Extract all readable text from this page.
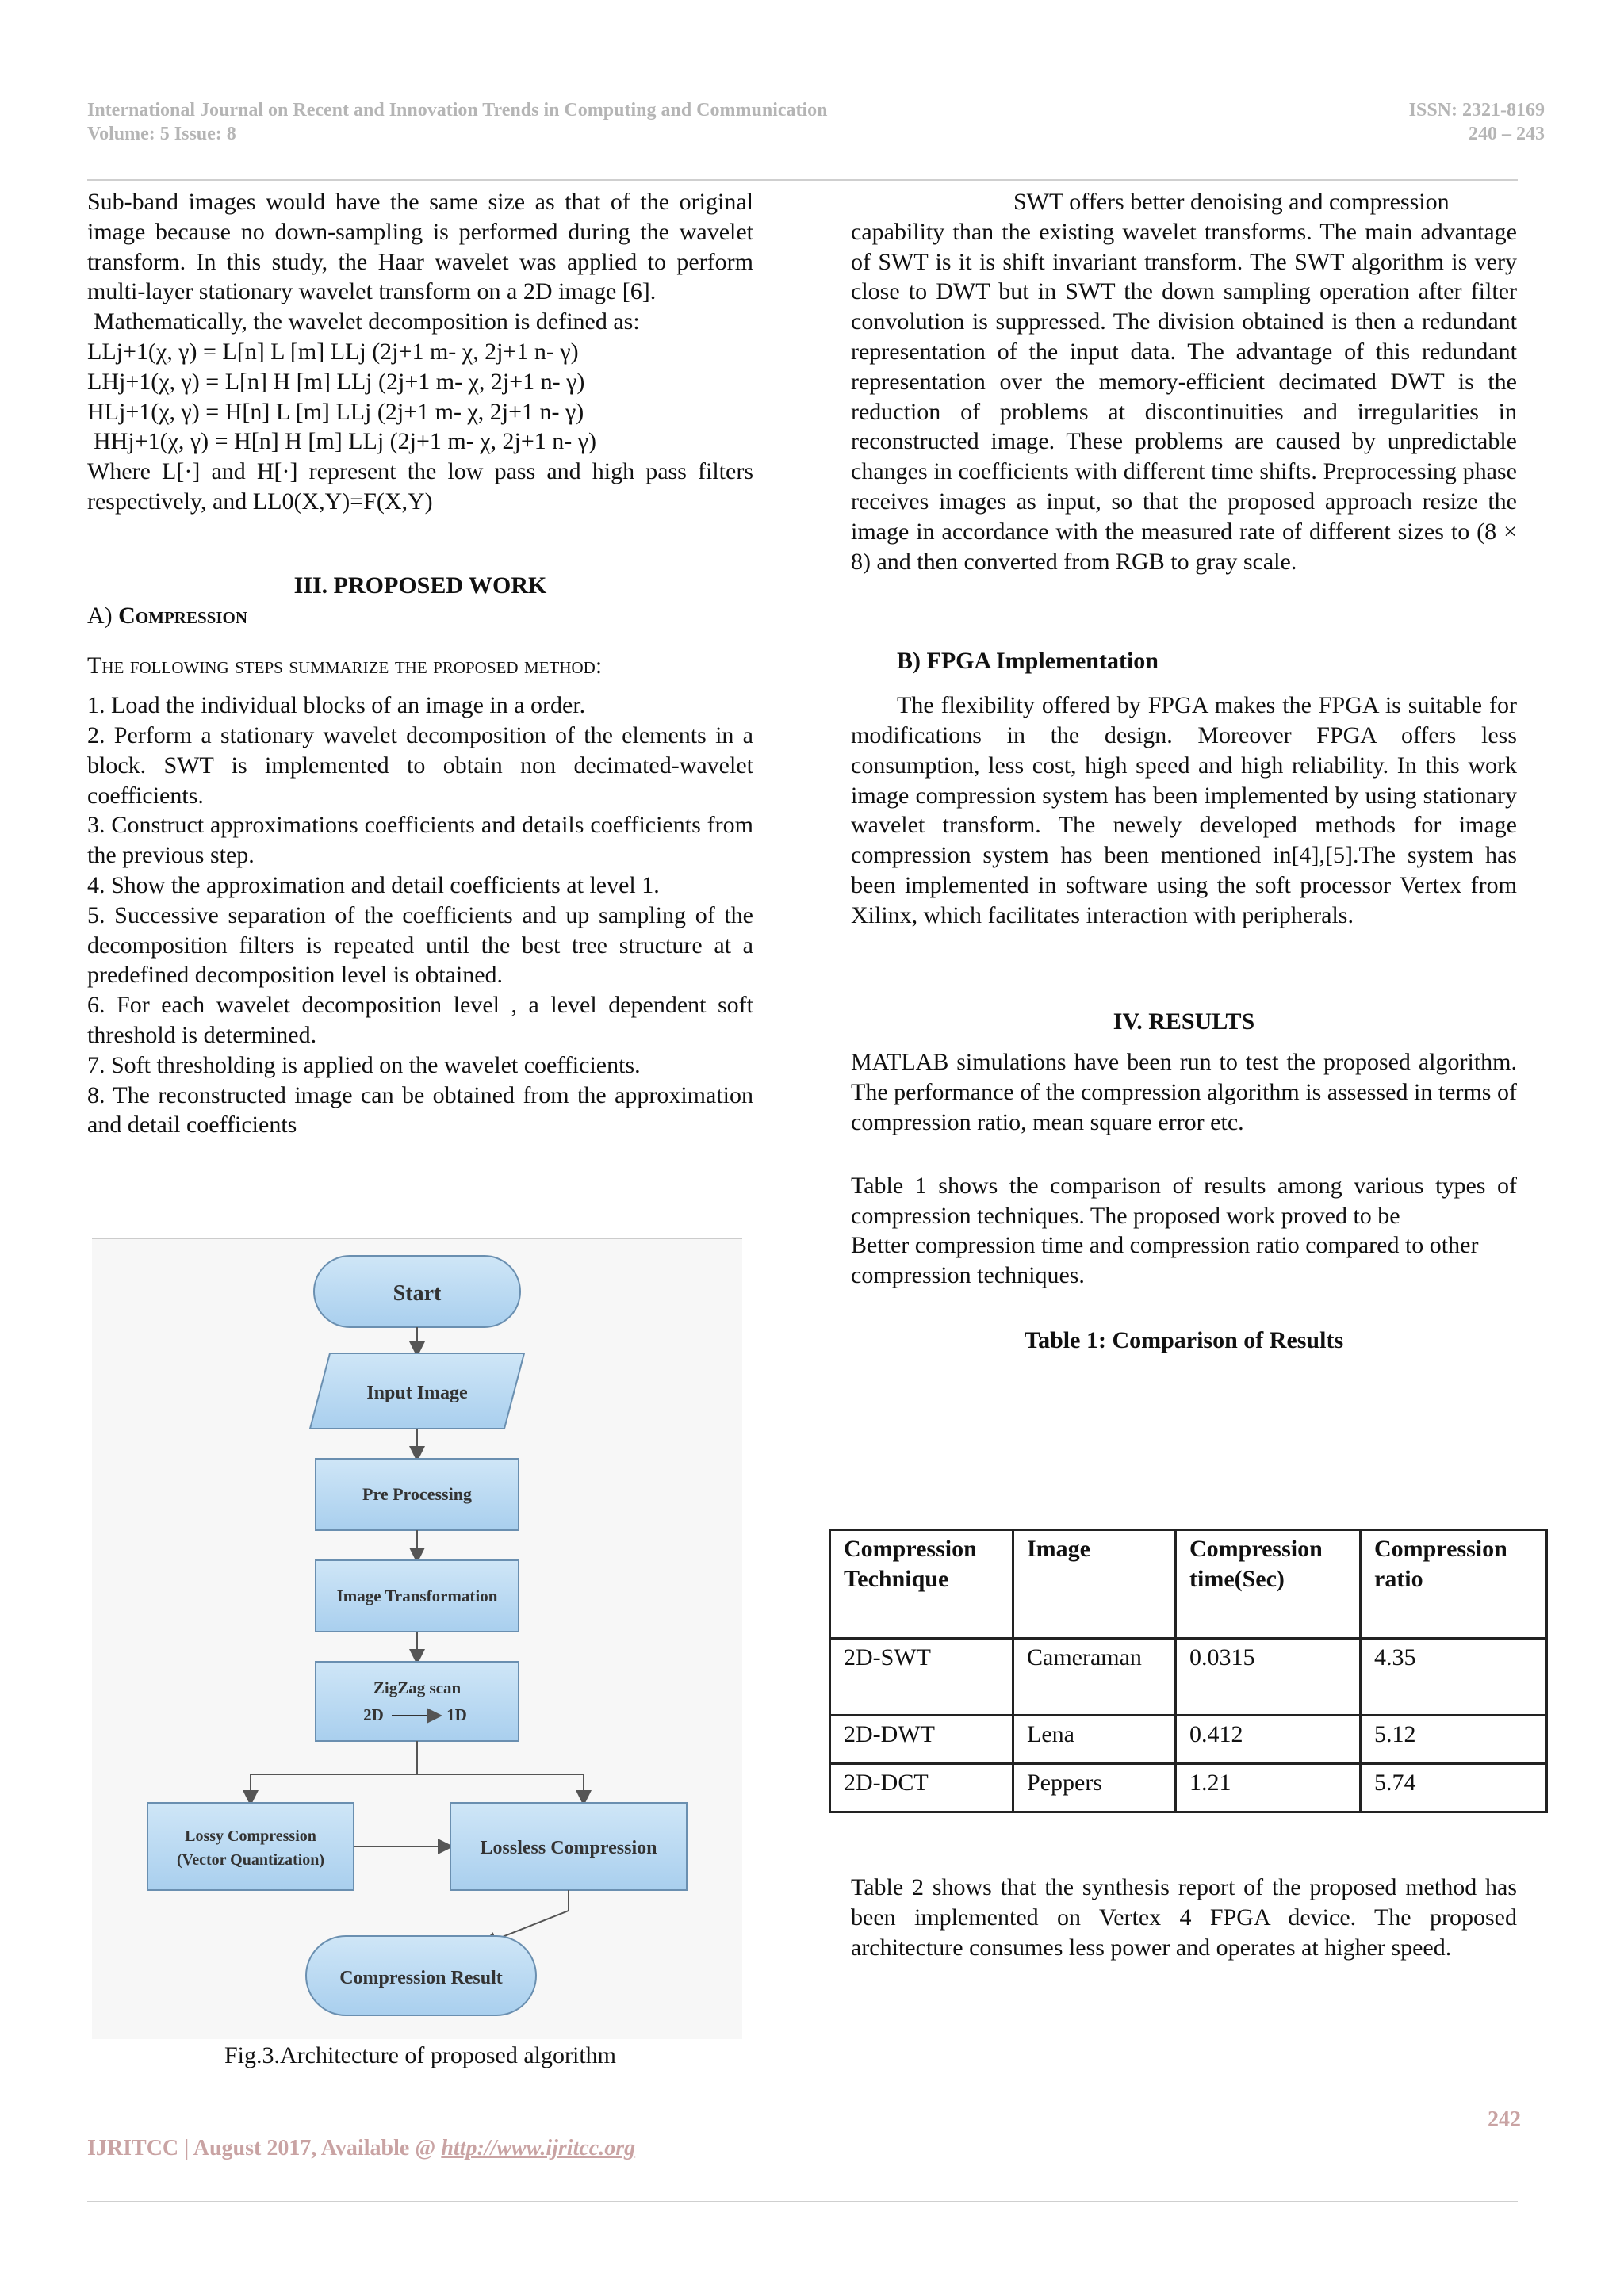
International Journal on Recent and Innovation Trends in Computing and Communication
Volume: 5 Issue: 8
ISSN: 2321-8169
240 – 243

Sub-band images would have the same size as that of the original image because no down-sampling is performed during the wavelet transform. In this study, the Haar wavelet was applied to perform multi-layer stationary wavelet transform on a 2D image [6].

Mathematically, the wavelet decomposition is defined as:

LLj+1(χ, γ) = L[n] L [m] LLj (2j+1 m- χ, 2j+1 n- γ)

LHj+1(χ, γ) = L[n] H [m] LLj (2j+1 m- χ, 2j+1 n- γ)

HLj+1(χ, γ) = H[n] L [m] LLj (2j+1 m- χ, 2j+1 n- γ)

HHj+1(χ, γ) = H[n] H [m] LLj (2j+1 m- χ, 2j+1 n- γ)

Where L[·] and H[·] represent the low pass and high pass filters respectively, and LL0(X,Y)=F(X,Y)

III. PROPOSED WORK

A) Compression

The following steps summarize the proposed method:

1. Load the individual blocks of an image in a order.

2. Perform a stationary wavelet decomposition of the elements in a block. SWT is implemented to obtain non decimated-wavelet coefficients.

3. Construct approximations coefficients and details coefficients from the previous step.

4. Show the approximation and detail coefficients at level 1.

5. Successive separation of the coefficients and up sampling of the decomposition filters is repeated until the best tree structure at a predefined decomposition level is obtained.

6. For each wavelet decomposition level , a level dependent soft threshold is determined.

7. Soft thresholding is applied on the wavelet coefficients.

8. The reconstructed image can be obtained from the approximation and detail coefficients

Start
Input Image
Pre Processing
Image Transformation
ZigZag scan
2D	1D
Lossy Compression
(Vector Quantization)
Lossless Compression
Compression Result
Fig.3.Architecture of proposed algorithm

SWT offers better denoising and compression

capability than the existing wavelet transforms. The main advantage of SWT is it is shift invariant transform. The SWT algorithm is very close to DWT but in SWT the down sampling operation after filter convolution is suppressed. The division obtained is then a redundant representation of the input data. The advantage of this redundant representation over the memory-efficient decimated DWT is the reduction of problems at discontinuities and irregularities in reconstructed image. These problems are caused by unpredictable changes in coefficients with different time shifts. Preprocessing phase receives images as input, so that the proposed approach resize the image in accordance with the measured rate of different sizes to (8 × 8) and then converted from RGB to gray scale.

B) FPGA Implementation

The flexibility offered by FPGA makes the FPGA is suitable for modifications in the design. Moreover FPGA offers less consumption, less cost, high speed and high reliability. In this work image compression system has been implemented by using stationary wavelet transform. The newely developed methods for image compression system has been mentioned in[4],[5].The system has been implemented in software using the soft processor Vertex from Xilinx, which facilitates interaction with peripherals.

IV. RESULTS

MATLAB simulations have been run to test the proposed algorithm. The performance of the compression algorithm is assessed in terms of compression ratio, mean square error etc.

Table 1 shows the comparison of results among various types of compression techniques. The proposed work proved to be

Better compression time and compression ratio compared to other compression techniques.

Table 1: Comparison of Results

Compression Technique	Image	Compression time(Sec)	Compression ratio
2D-SWT	Cameraman	0.0315	4.35
2D-DWT	Lena	0.412	5.12
2D-DCT	Peppers	1.21	5.74

Table 2 shows that the synthesis report of the proposed method has been implemented on Vertex 4 FPGA device. The proposed architecture consumes less power and operates at higher speed.

242
IJRITCC | August 2017, Available @ http://www.ijritcc.org
